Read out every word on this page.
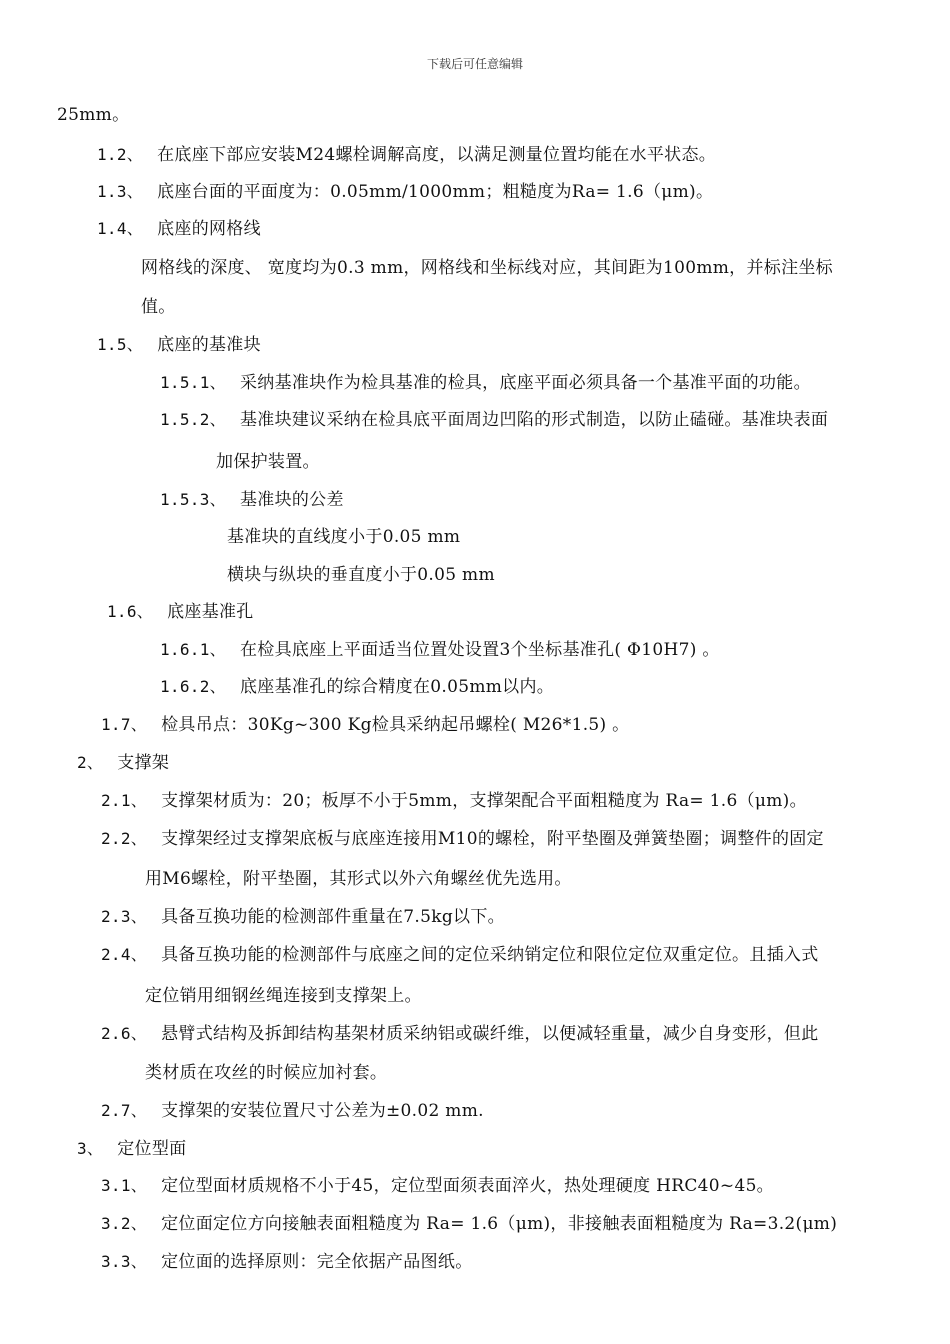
下载后可任意编辑
25mm。
1.2、 在底座下部应安装M24螺栓调解高度，以满足测量位置均能在水平状态。
1.3、 底座台面的平面度为：0.05mm/1000mm；粗糙度为Ra= 1.6（μm)。
1.4、 底座的网格线
网格线的深度、 宽度均为0.3 mm，网格线和坐标线对应，其间距为100mm，并标注坐标
值。
1.5、 底座的基准块
1.5.1、 采纳基准块作为检具基准的检具，底座平面必须具备一个基准平面的功能。
1.5.2、 基准块建议采纳在检具底平面周边凹陷的形式制造，以防止磕碰。基准块表面
加保护装置。
1.5.3、 基准块的公差
基准块的直线度小于0.05 mm
横块与纵块的垂直度小于0.05 mm
1.6、 底座基准孔
1.6.1、 在检具底座上平面适当位置处设置3个坐标基准孔( Φ10H7) 。
1.6.2、 底座基准孔的综合精度在0.05mm以内。
1.7、 检具吊点：30Kg~300 Kg检具采纳起吊螺栓( M26*1.5) 。
2、 支撑架
2.1、 支撑架材质为：20；板厚不小于5mm，支撑架配合平面粗糙度为 Ra= 1.6（μm)。
2.2、 支撑架经过支撑架底板与底座连接用M10的螺栓，附平垫圈及弹簧垫圈；调整件的固定
用M6螺栓，附平垫圈，其形式以外六角螺丝优先选用。
2.3、 具备互换功能的检测部件重量在7.5kg以下。
2.4、 具备互换功能的检测部件与底座之间的定位采纳销定位和限位定位双重定位。且插入式
定位销用细钢丝绳连接到支撑架上。
2.6、 悬臂式结构及拆卸结构基架材质采纳铝或碳纤维，以便减轻重量，减少自身变形，但此
类材质在攻丝的时候应加衬套。
2.7、 支撑架的安装位置尺寸公差为±0.02 mm.
3、 定位型面
3.1、 定位型面材质规格不小于45，定位型面须表面淬火，热处理硬度 HRC40~45。
3.2、 定位面定位方向接触表面粗糙度为 Ra= 1.6（μm)，非接触表面粗糙度为 Ra=3.2(μm)
3.3、 定位面的选择原则：完全依据产品图纸。
